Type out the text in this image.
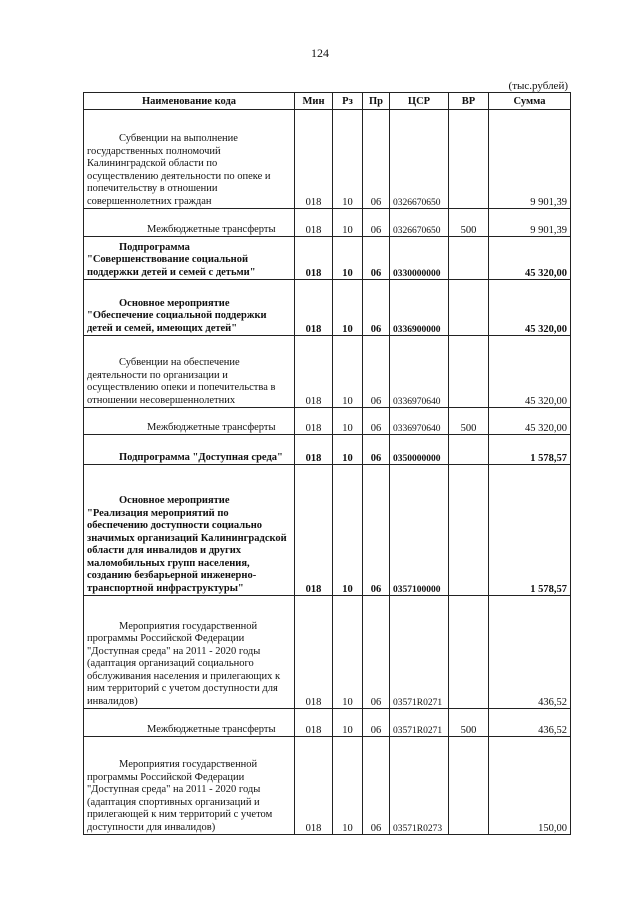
124
(тыс.рублей)
Наименование кода	Мин	Рз	Пр	ЦСР	ВР	Сумма
Субвенции на выполнение государственных полномочий Калининградской области по осуществлению деятельности по опеке и попечительству в отношении совершеннолетних граждан	018	10	06	0326670650		9 901,39
Межбюджетные трансферты	018	10	06	0326670650	500	9 901,39
Подпрограмма "Совершенствование социальной поддержки детей и семей с детьми"	018	10	06	0330000000		45 320,00
Основное мероприятие "Обеспечение социальной поддержки детей и семей, имеющих детей"	018	10	06	0336900000		45 320,00
Субвенции на обеспечение деятельности по организации и осуществлению опеки и попечительства в отношении несовершеннолетних	018	10	06	0336970640		45 320,00
Межбюджетные трансферты	018	10	06	0336970640	500	45 320,00
Подпрограмма "Доступная среда"	018	10	06	0350000000		1 578,57
Основное мероприятие "Реализация мероприятий по обеспечению доступности социально значимых организаций Калининградской области для инвалидов и других маломобильных групп населения, созданию безбарьерной инженерно-транспортной инфраструктуры"	018	10	06	0357100000		1 578,57
Мероприятия государственной программы Российской Федерации "Доступная среда" на 2011 - 2020 годы (адаптация организаций социального обслуживания населения и прилегающих к ним территорий с учетом доступности для инвалидов)	018	10	06	03571R0271		436,52
Межбюджетные трансферты	018	10	06	03571R0271	500	436,52
Мероприятия государственной программы Российской Федерации "Доступная среда" на 2011 - 2020 годы (адаптация спортивных организаций и прилегающей к ним территорий с учетом доступности для инвалидов)	018	10	06	03571R0273		150,00
